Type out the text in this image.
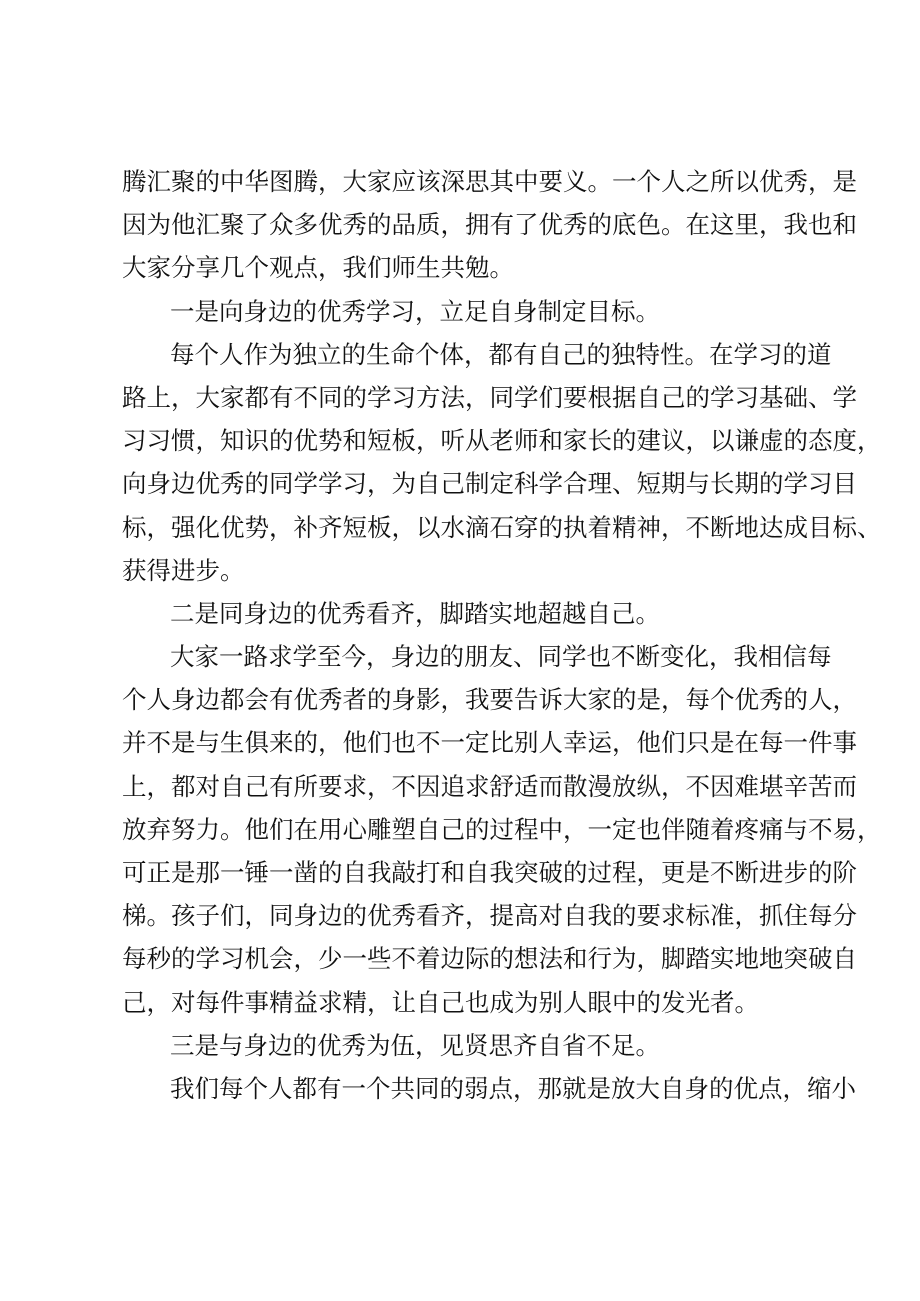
腾汇聚的中华图腾，大家应该深思其中要义。一个人之所以优秀，是
因为他汇聚了众多优秀的品质，拥有了优秀的底色。在这里，我也和
大家分享几个观点，我们师生共勉。
一是向身边的优秀学习，立足自身制定目标。
每个人作为独立的生命个体，都有自己的独特性。在学习的道
路上，大家都有不同的学习方法，同学们要根据自己的学习基础、学
习习惯，知识的优势和短板，听从老师和家长的建议，以谦虚的态度，
向身边优秀的同学学习，为自己制定科学合理、短期与长期的学习目
标，强化优势，补齐短板，以水滴石穿的执着精神，不断地达成目标、
获得进步。
二是同身边的优秀看齐，脚踏实地超越自己。
大家一路求学至今，身边的朋友、同学也不断变化，我相信每
个人身边都会有优秀者的身影，我要告诉大家的是，每个优秀的人，
并不是与生俱来的，他们也不一定比别人幸运，他们只是在每一件事
上，都对自己有所要求，不因追求舒适而散漫放纵，不因难堪辛苦而
放弃努力。他们在用心雕塑自己的过程中，一定也伴随着疼痛与不易，
可正是那一锤一凿的自我敲打和自我突破的过程，更是不断进步的阶
梯。孩子们，同身边的优秀看齐，提高对自我的要求标准，抓住每分
每秒的学习机会，少一些不着边际的想法和行为，脚踏实地地突破自
己，对每件事精益求精，让自己也成为别人眼中的发光者。
三是与身边的优秀为伍，见贤思齐自省不足。
我们每个人都有一个共同的弱点，那就是放大自身的优点，缩小
